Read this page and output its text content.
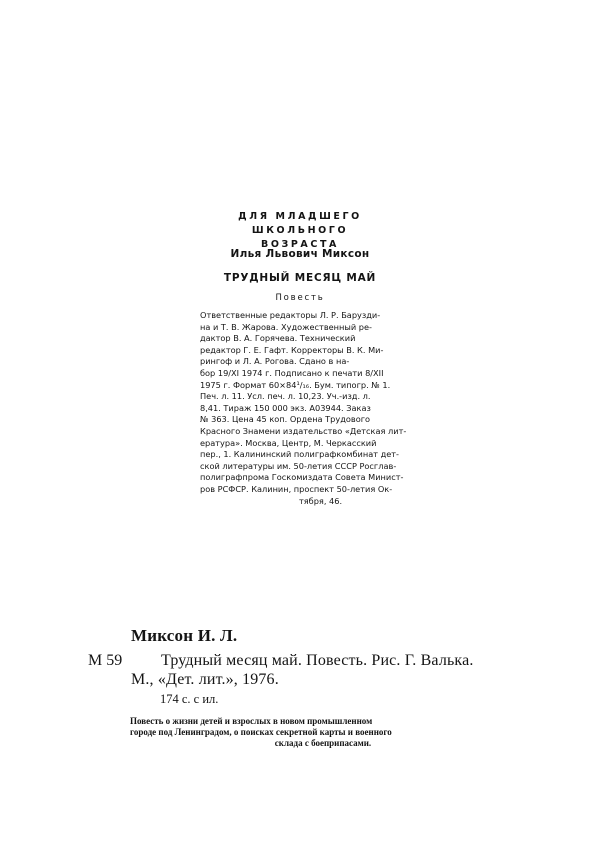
ДЛЯ МЛАДШЕГО ШКОЛЬНОГО
ВОЗРАСТА
Илья Львович Миксон
ТРУДНЫЙ МЕСЯЦ МАЙ
Повесть
Ответственные редакторы Л. Р. Барузди-
на и Т. В. Жарова. Художественный ре-
дактор В. А. Горячева. Технический
редактор Г. Е. Гафт. Корректоры В. К. Ми-
рингоф и Л. А. Рогова. Сдано в на-
бор 19/XI 1974 г. Подписано к печати 8/XII
1975 г. Формат 60×84¹/₁₆. Бум. типогр. № 1.
Печ. л. 11. Усл. печ. л. 10,23. Уч.-изд. л.
8,41. Тираж 150 000 экз. А03944. Заказ
№ 363. Цена 45 коп. Ордена Трудового
Красного Знамени издательство «Детская лит-
ература». Москва, Центр, М. Черкасский
пер., 1. Калининский полиграфкомбинат дет-
ской литературы им. 50-летия СССР Росглав-
полиграфпрома Госкомиздата Совета Минист-
ров РСФСР. Калинин, проспект 50-летия Ок-
тября, 46.
Миксон И. Л.
М 59 Трудный месяц май. Повесть. Рис. Г. Валька.
М., «Дет. лит.», 1976.
174 с. с ил.
Повесть о жизни детей и взрослых в новом промышленном
городе под Ленинградом, о поисках секретной карты и военного
склада с боеприпасами.
